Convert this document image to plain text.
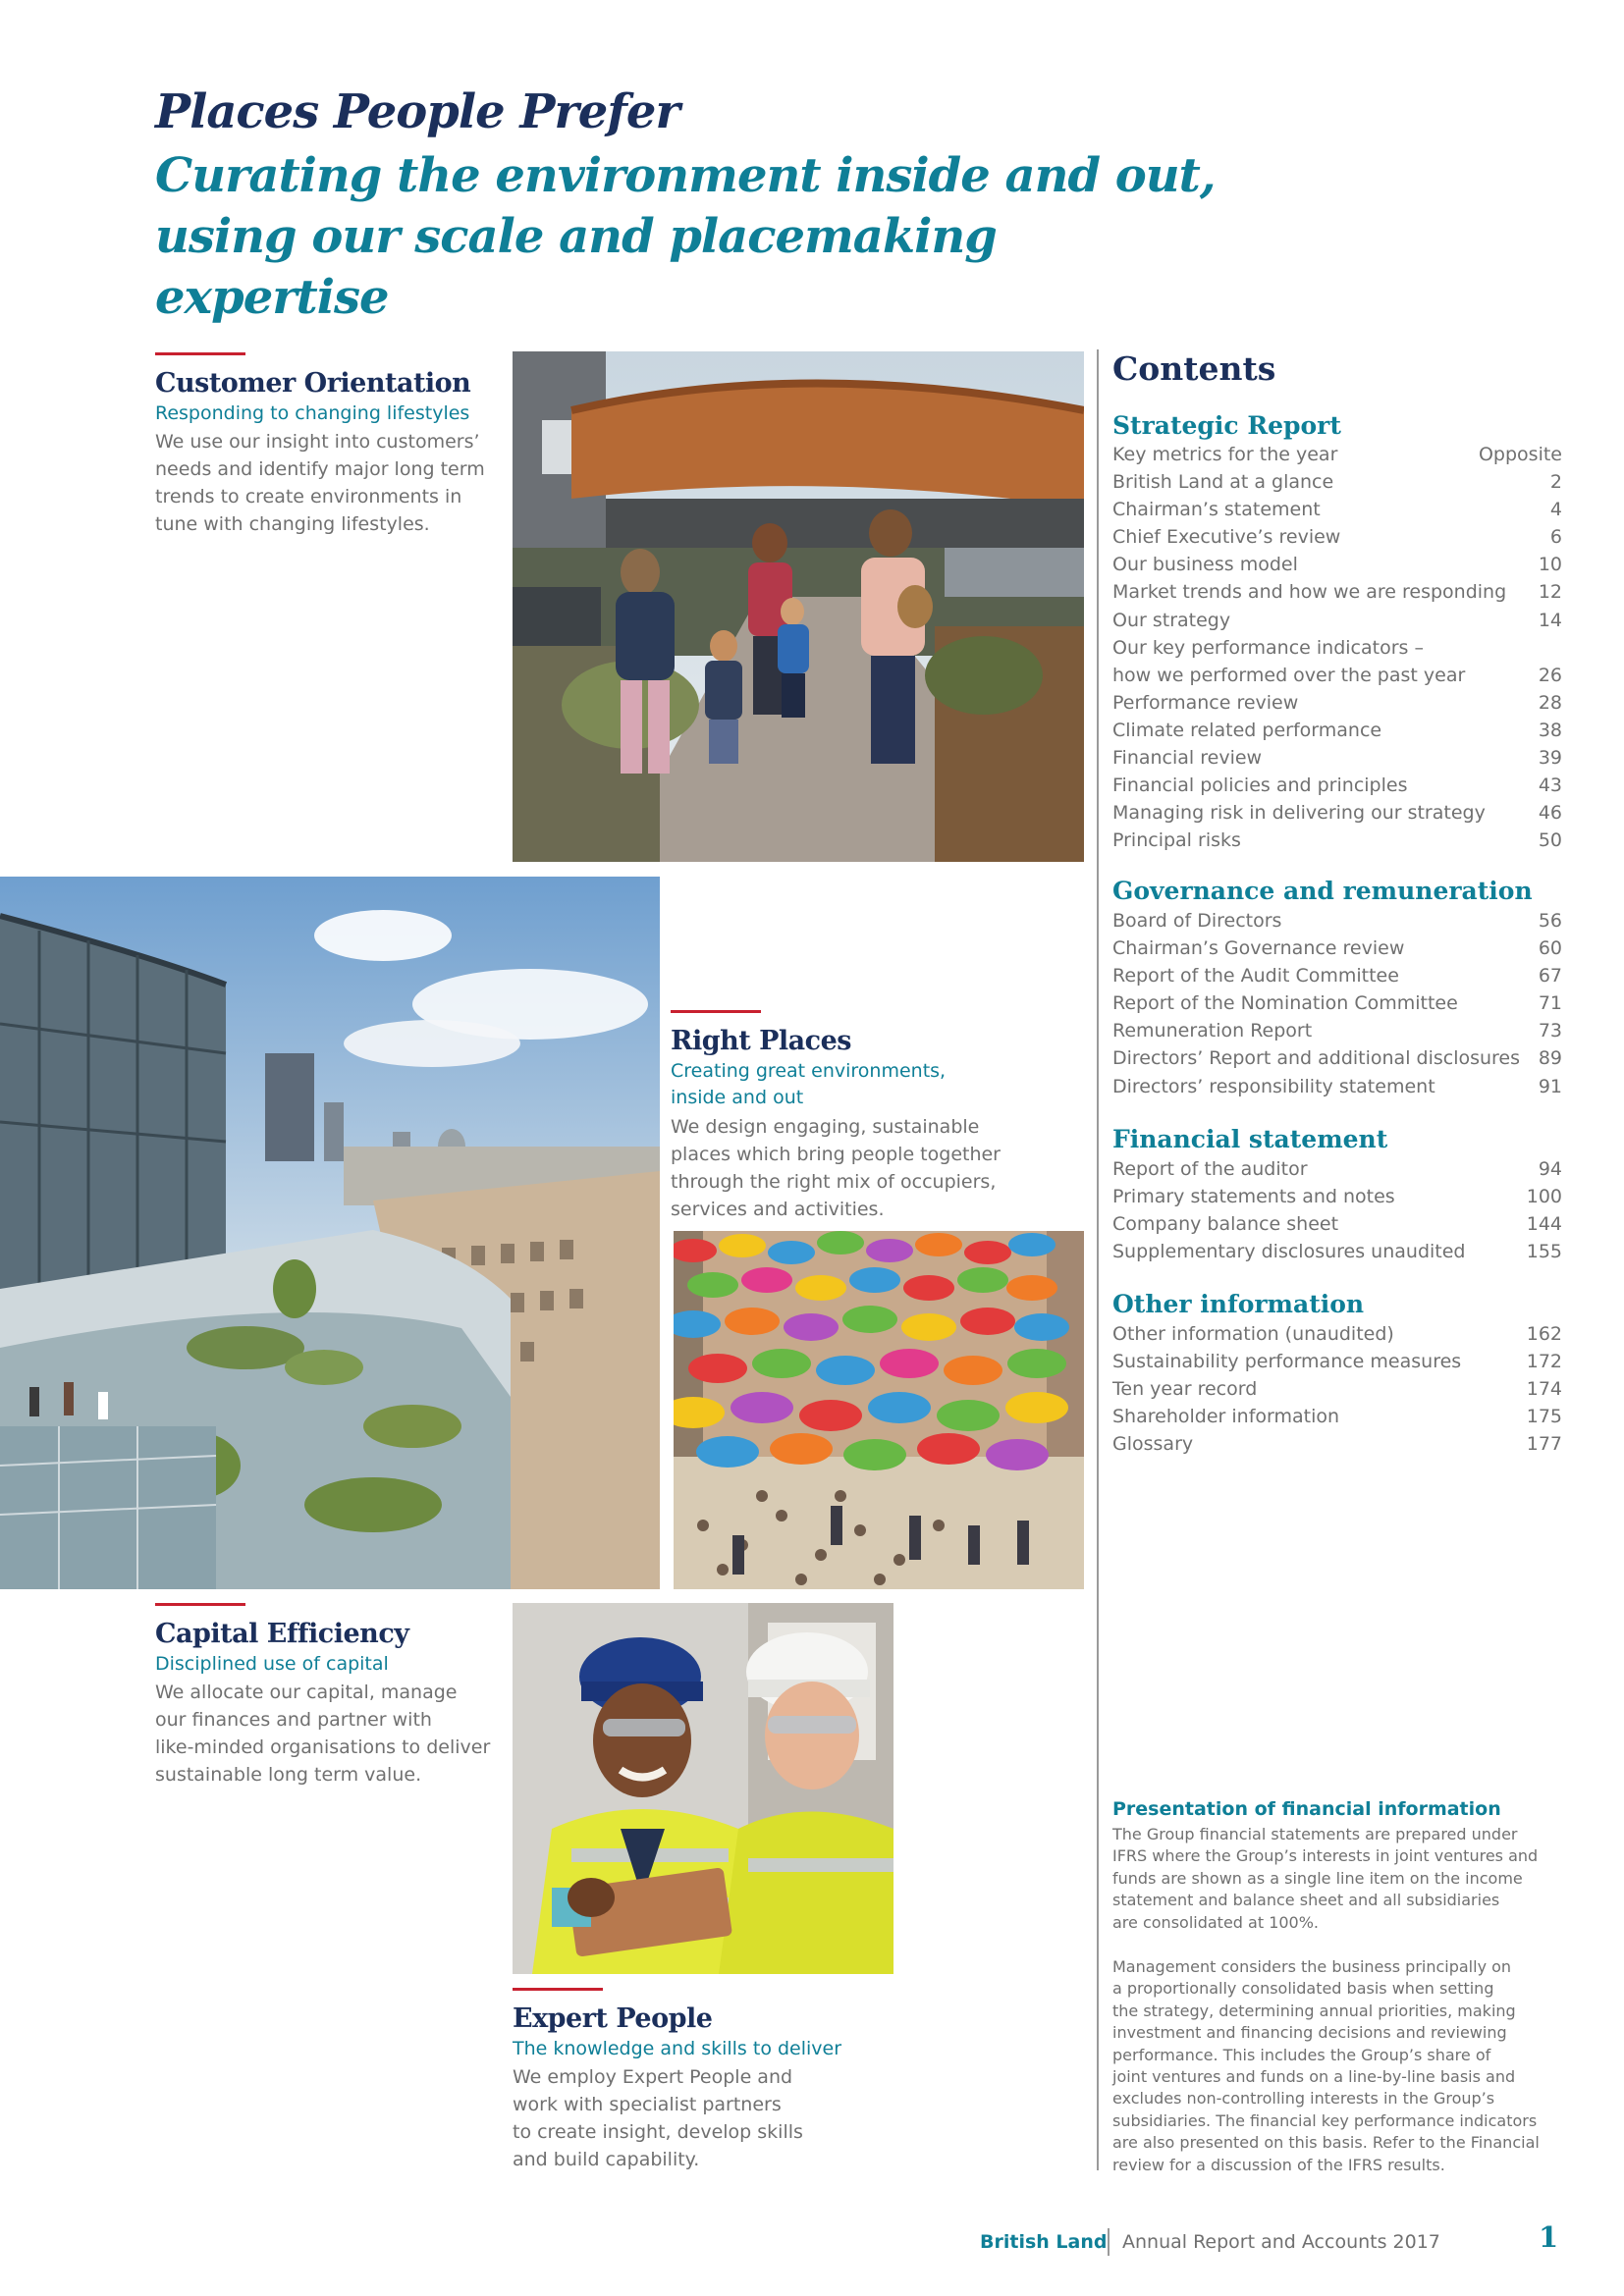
Places People Prefer
Curating the environment inside and out,
using our scale and placemaking expertise
Customer Orientation
Responding to changing lifestyles
We use our insight into customers’
needs and identify major long term
trends to create environments in
tune with changing lifestyles.
Right Places
Creating great environments,
inside and out
We design engaging, sustainable
places which bring people together
through the right mix of occupiers,
services and activities.
Capital Efficiency
Disciplined use of capital
We allocate our capital, manage
our finances and partner with
like-minded organisations to deliver
sustainable long term value.
Expert People
The knowledge and skills to deliver
We employ Expert People and
work with specialist partners
to create insight, develop skills
and build capability.
Contents
Strategic Report
Key metrics for the year	Opposite
British Land at a glance	2
Chairman’s statement	4
Chief Executive’s review	6
Our business model	10
Market trends and how we are responding 12
Our strategy	14
Our key performance indicators –
how we performed over the past year	26
Performance review	28
Climate related performance	38
Financial review	39
Financial policies and principles	43
Managing risk in delivering our strategy	46
Principal risks	50
Governance and remuneration
Board of Directors	56
Chairman’s Governance review	60
Report of the Audit Committee	67
Report of the Nomination Committee	71
Remuneration Report	73
Directors’ Report and additional disclosures 89
Directors’ responsibility statement	91
Financial statement
Report of the auditor	94
Primary statements and notes	100
Company balance sheet	144
Supplementary disclosures unaudited	155
Other information
Other information (unaudited)	162
Sustainability performance measures	172
Ten year record	174
Shareholder information	175
Glossary	177
Presentation of financial information
The Group financial statements are prepared under
IFRS where the Group’s interests in joint ventures and
funds are shown as a single line item on the income
statement and balance sheet and all subsidiaries
are consolidated at 100%.
Management considers the business principally on
a proportionally consolidated basis when setting
the strategy, determining annual priorities, making
investment and financing decisions and reviewing
performance. This includes the Group’s share of
joint ventures and funds on a line-by-line basis and
excludes non-controlling interests in the Group’s
subsidiaries. The financial key performance indicators
are also presented on this basis. Refer to the Financial
review for a discussion of the IFRS results.
British Land Annual Report and Accounts 2017	1
